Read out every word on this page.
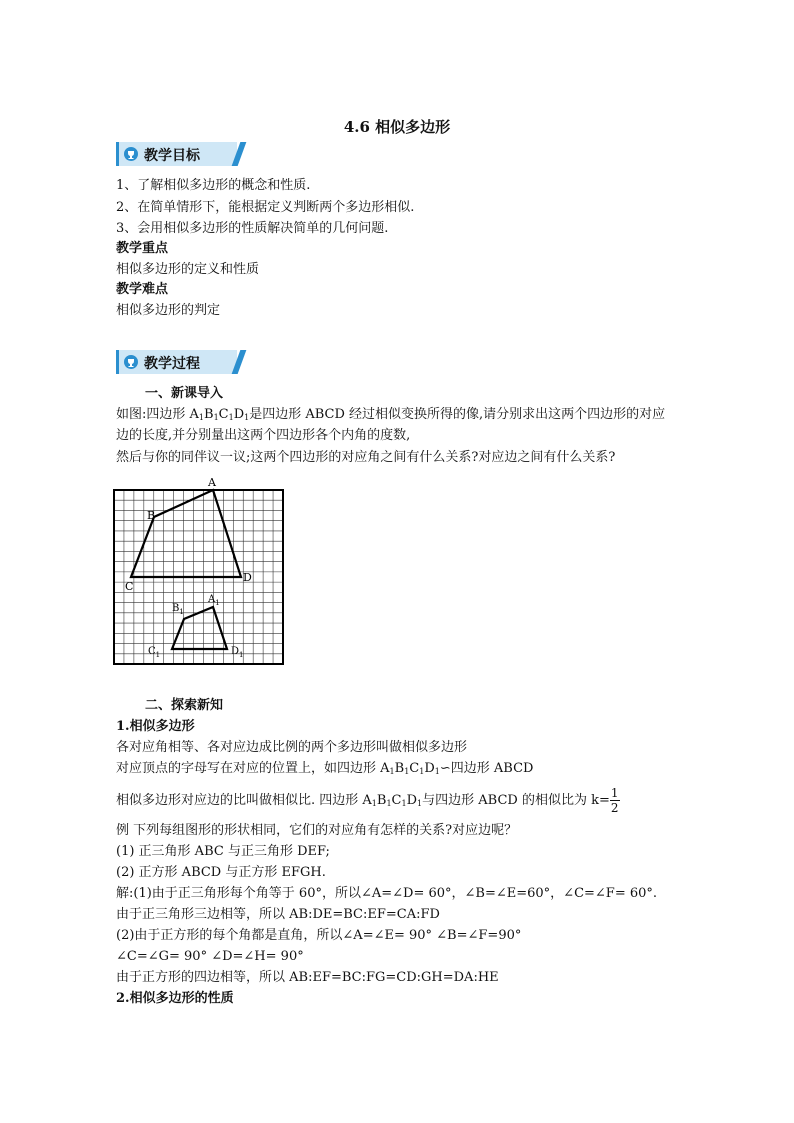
4.6 相似多边形
教学目标
1、了解相似多边形的概念和性质.
2、在简单情形下，能根据定义判断两个多边形相似.
3、会用相似多边形的性质解决简单的几何问题.
教学重点
相似多边形的定义和性质
教学难点
相似多边形的判定
教学过程
一、新课导入
如图:四边形 $A_1B_1C_1D_1$是四边形 ABCD 经过相似变换所得的像,请分别求出这两个四边形的对应
边的长度,并分别量出这两个四边形各个内角的度数,
然后与你的同伴议一议;这两个四边形的对应角之间有什么关系?对应边之间有什么关系?
A
B
C
D
$A_1$
$B_1$
$C_1$	$D_1$
二、探索新知
1.相似多边形
各对应角相等、各对应边成比例的两个多边形叫做相似多边形
对应顶点的字母写在对应的位置上，如四边形 $A_1B_1C_1D_1∽$四边形 ABCD
相似多边形对应边的比叫做相似比. 四边形 $A_1B_1C_1D_1$与四边形 ABCD 的相似比为 $k= \frac{1}{2}$
例 下列每组图形的形状相同，它们的对应角有怎样的关系?对应边呢？
(1) 正三角形 ABC 与正三角形 DEF;
(2) 正方形 ABCD 与正方形 EFGH.
解:(1)由于正三角形每个角等于 60°，所以∠A=∠D= 60°，∠B=∠E=60°，∠C=∠F= 60°.
由于正三角形三边相等，所以 AB:DE=BC:EF=CA:FD
(2)由于正方形的每个角都是直角，所以∠A=∠E= 90° ∠B=∠F=90°
∠C=∠G= 90° ∠D=∠H= 90°
由于正方形的四边相等，所以 AB:EF=BC:FG=CD:GH=DA:HE
2.相似多边形的性质
